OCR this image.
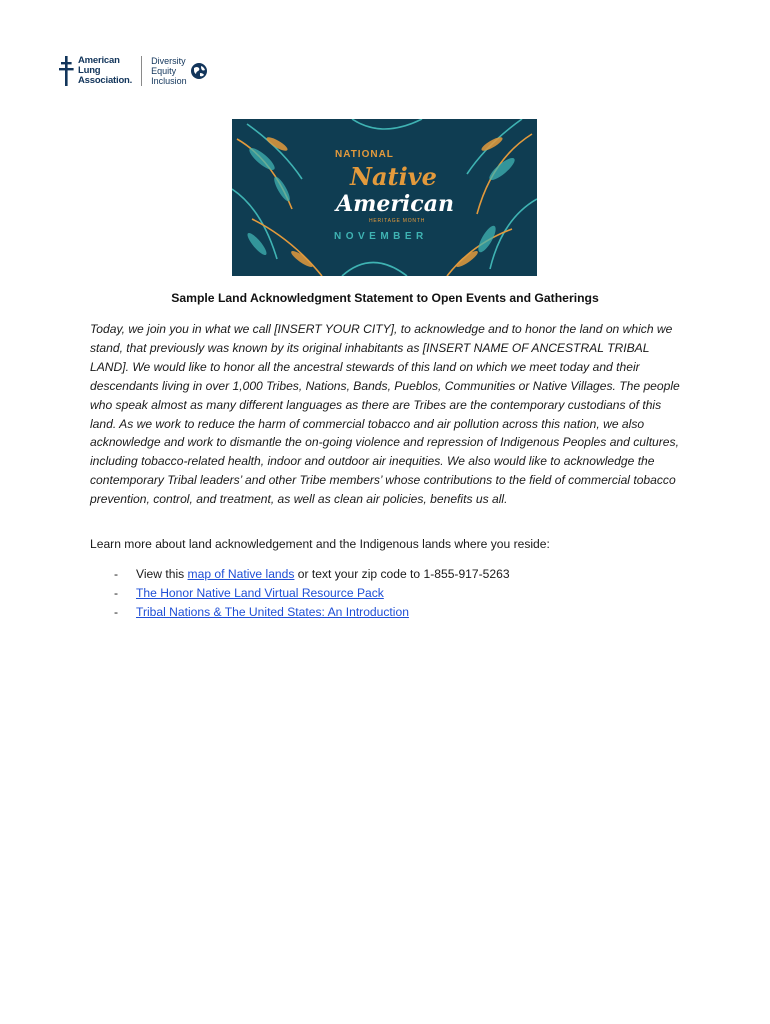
American
Lung
Association.
Diversity
Equity
Inclusion
NATIONAL
Native
American
HERITAGE MONTH
NOVEMBER
Sample Land Acknowledgment Statement to Open Events and Gatherings

Today, we join you in what we call [INSERT YOUR CITY], to acknowledge and to honor the land on which we stand, that previously was known by its original inhabitants as [INSERT NAME OF ANCESTRAL TRIBAL LAND]. We would like to honor all the ancestral stewards of this land on which we meet today and their descendants living in over 1,000 Tribes, Nations, Bands, Pueblos, Communities or Native Villages. The people who speak almost as many different languages as there are Tribes are the contemporary custodians of this land. As we work to reduce the harm of commercial tobacco and air pollution across this nation, we also acknowledge and work to dismantle the on-going violence and repression of Indigenous Peoples and cultures, including tobacco-related health, indoor and outdoor air inequities. We also would like to acknowledge the contemporary Tribal leaders’ and other Tribe members’ whose contributions to the field of commercial tobacco prevention, control, and treatment, as well as clean air policies, benefits us all.

Learn more about land acknowledgement and the Indigenous lands where you reside:
- View this map of Native lands or text your zip code to 1-855-917-5263
- The Honor Native Land Virtual Resource Pack
- Tribal Nations & The United States: An Introduction
